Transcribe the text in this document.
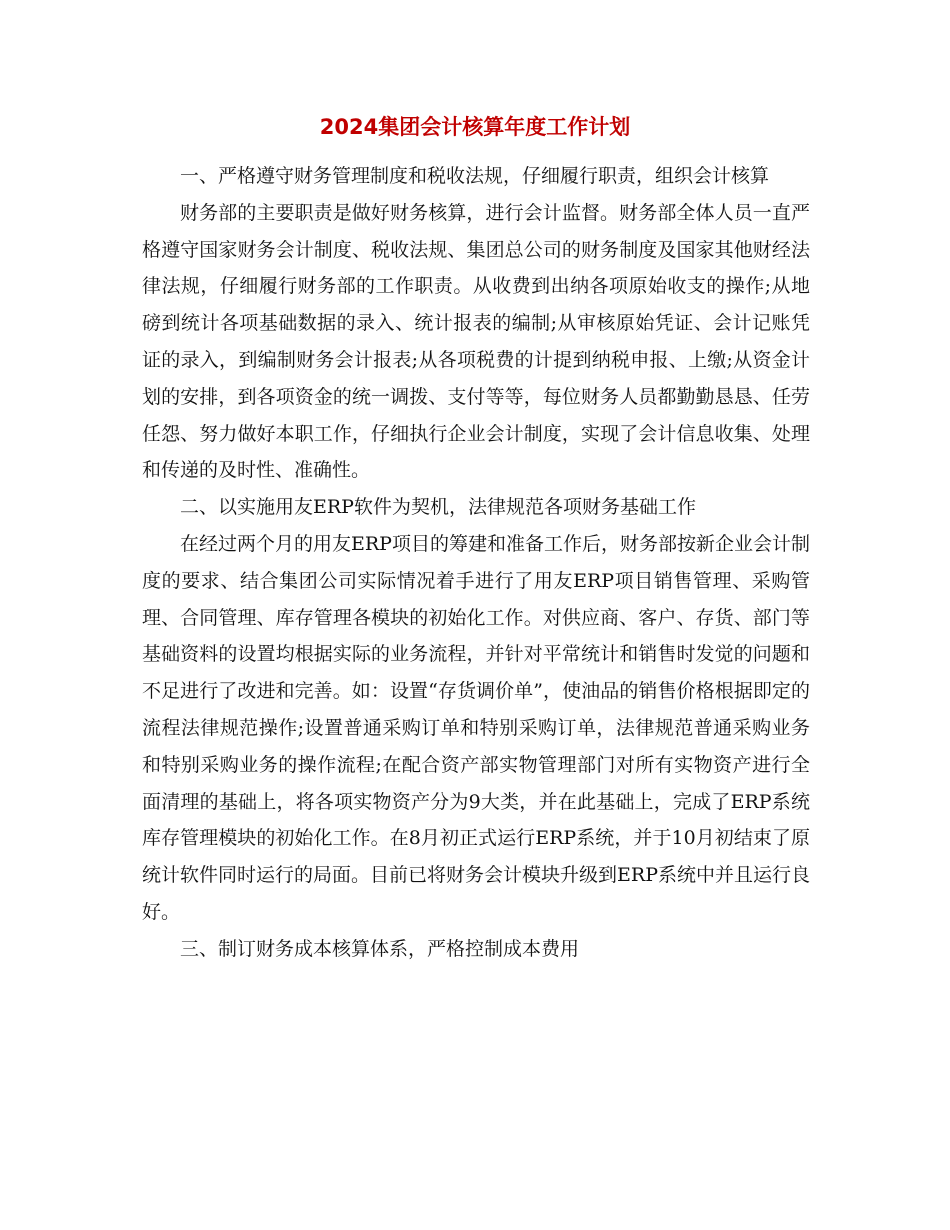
2024集团会计核算年度工作计划

一、严格遵守财务管理制度和税收法规，仔细履行职责，组织会计核算

财务部的主要职责是做好财务核算，进行会计监督。财务部全体人员一直严格遵守国家财务会计制度、税收法规、集团总公司的财务制度及国家其他财经法律法规，仔细履行财务部的工作职责。从收费到出纳各项原始收支的操作;从地磅到统计各项基础数据的录入、统计报表的编制;从审核原始凭证、会计记账凭证的录入，到编制财务会计报表;从各项税费的计提到纳税申报、上缴;从资金计划的安排，到各项资金的统一调拨、支付等等，每位财务人员都勤勤恳恳、任劳任怨、努力做好本职工作，仔细执行企业会计制度，实现了会计信息收集、处理和传递的及时性、准确性。

二、以实施用友ERP软件为契机，法律规范各项财务基础工作

在经过两个月的用友ERP项目的筹建和准备工作后，财务部按新企业会计制度的要求、结合集团公司实际情况着手进行了用友ERP项目销售管理、采购管理、合同管理、库存管理各模块的初始化工作。对供应商、客户、存货、部门等基础资料的设置均根据实际的业务流程，并针对平常统计和销售时发觉的问题和不足进行了改进和完善。如：设置“存货调价单”，使油品的销售价格根据即定的流程法律规范操作;设置普通采购订单和特别采购订单，法律规范普通采购业务和特别采购业务的操作流程;在配合资产部实物管理部门对所有实物资产进行全面清理的基础上，将各项实物资产分为9大类，并在此基础上，完成了ERP系统库存管理模块的初始化工作。在8月初正式运行ERP系统，并于10月初结束了原统计软件同时运行的局面。目前已将财务会计模块升级到ERP系统中并且运行良好。

三、制订财务成本核算体系，严格控制成本费用
